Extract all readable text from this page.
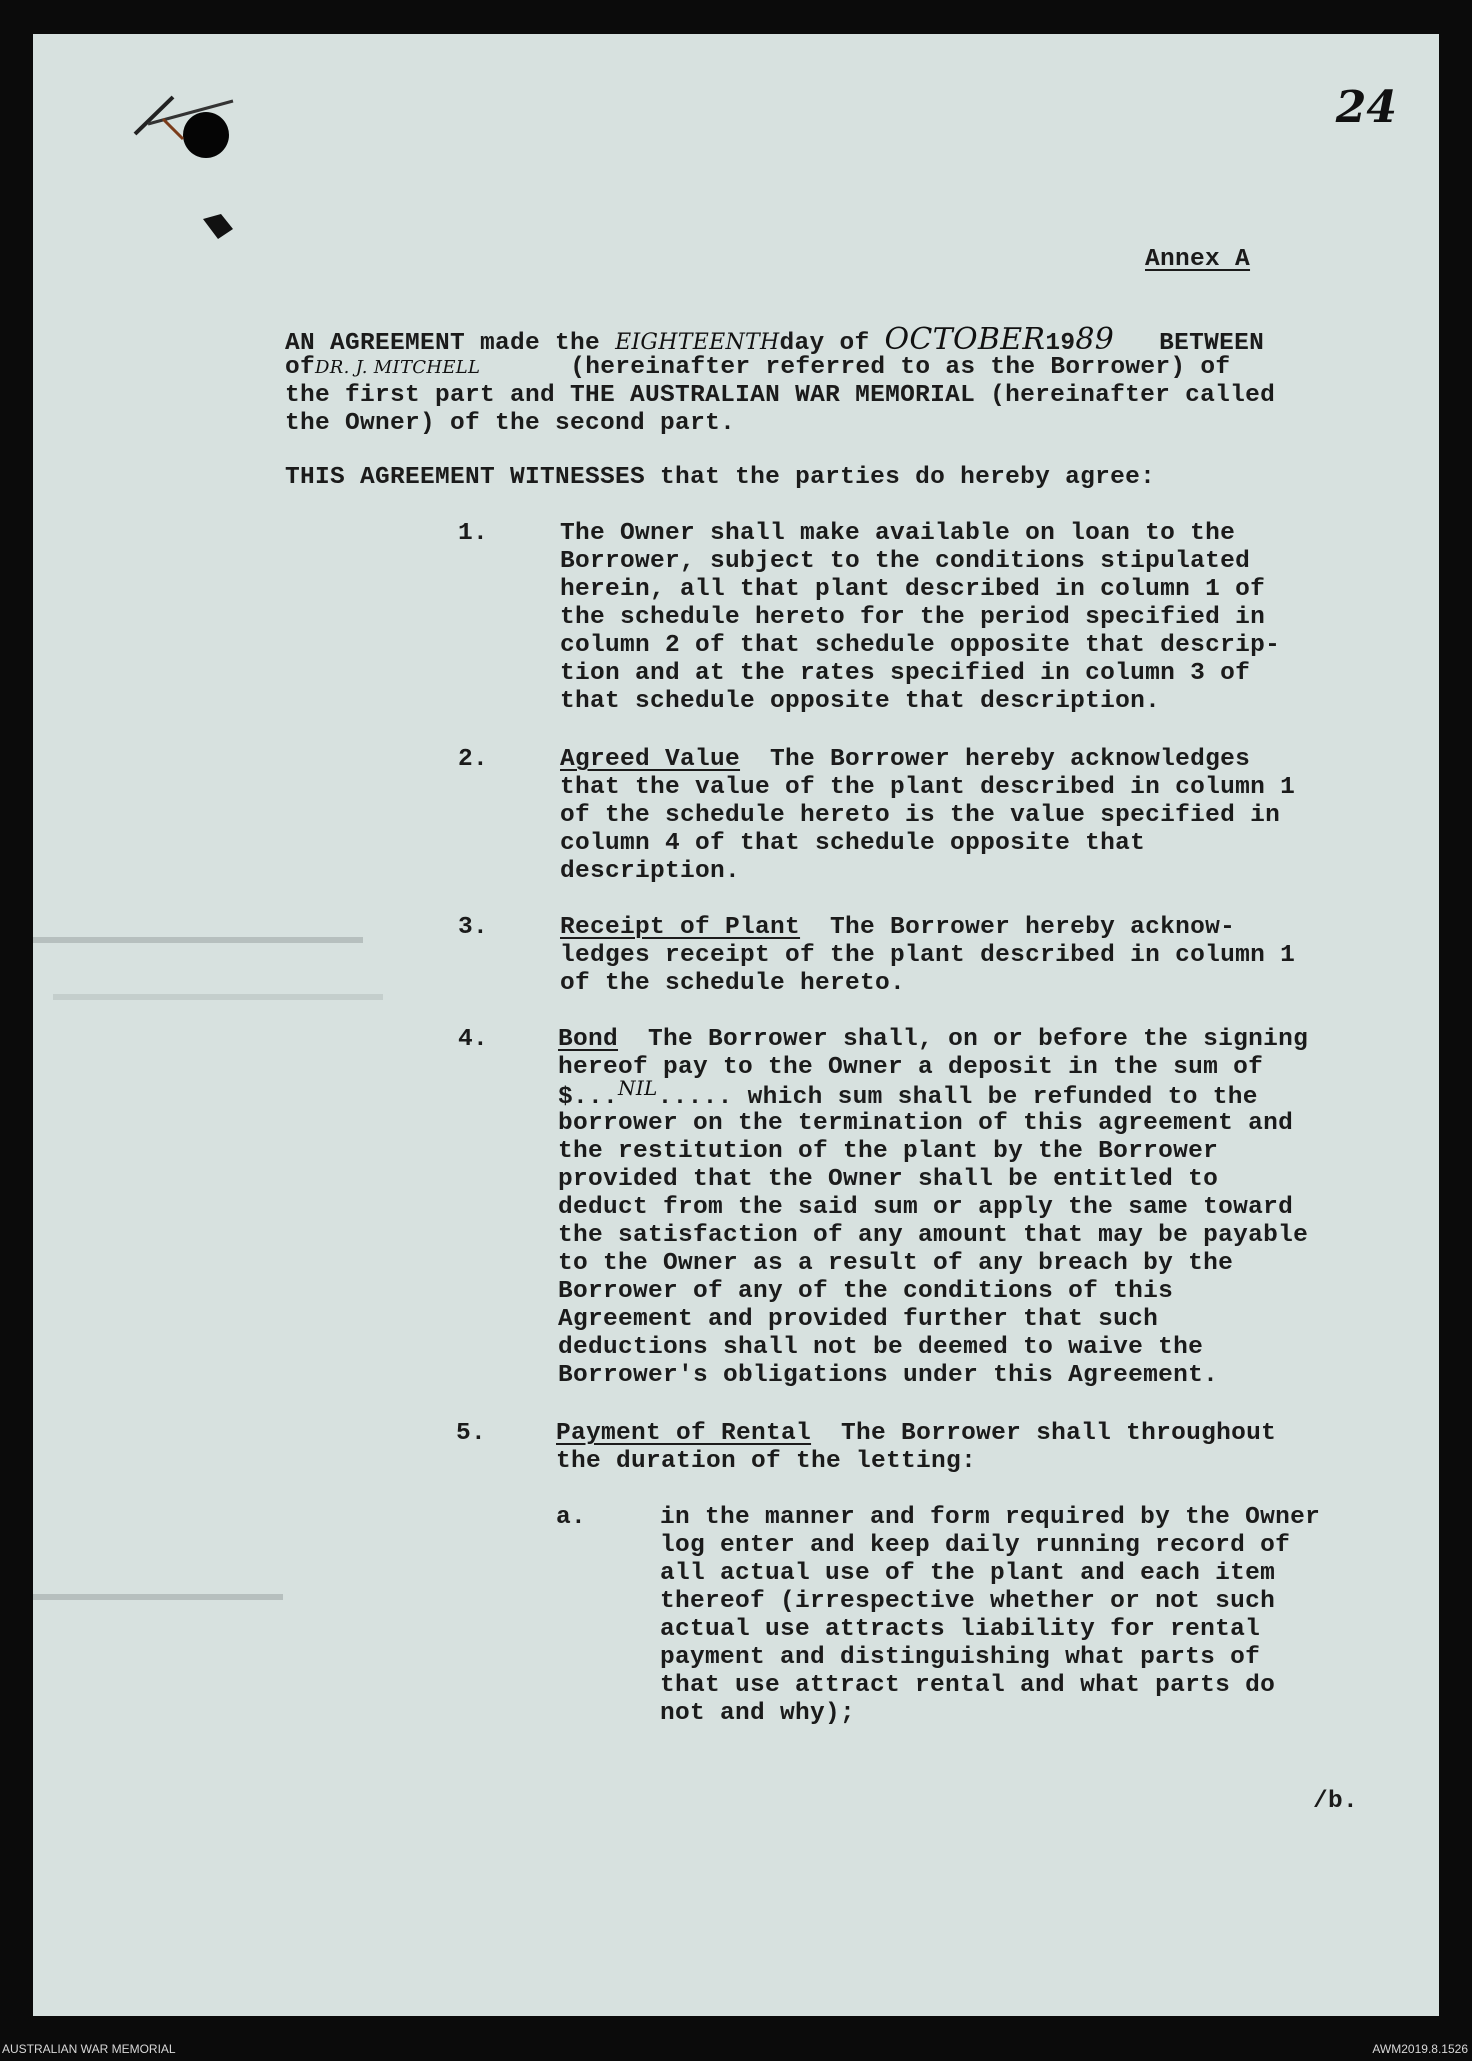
24
Annex A
AN AGREEMENT made the EIGHTEENTHday of OCTOBER1989 BETWEEN
ofDR. J. MITCHELL	(hereinafter referred to as the Borrower) of
the first part and THE AUSTRALIAN WAR MEMORIAL (hereinafter called
the Owner) of the second part.
THIS AGREEMENT WITNESSES that the parties do hereby agree:
1.	The Owner shall make available on loan to the
Borrower, subject to the conditions stipulated
herein, all that plant described in column 1 of
the schedule hereto for the period specified in
column 2 of that schedule opposite that descrip-
tion and at the rates specified in column 3 of
that schedule opposite that description.
2.	Agreed Value  The Borrower hereby acknowledges
that the value of the plant described in column 1
of the schedule hereto is the value specified in
column 4 of that schedule opposite that
description.
3.	Receipt of Plant  The Borrower hereby acknow-
ledges receipt of the plant described in column 1
of the schedule hereto.
4.	Bond  The Borrower shall, on or before the signing
hereof pay to the Owner a deposit in the sum of
$...$^{NIL}$..... which sum shall be refunded to the
borrower on the termination of this agreement and
the restitution of the plant by the Borrower
provided that the Owner shall be entitled to
deduct from the said sum or apply the same toward
the satisfaction of any amount that may be payable
to the Owner as a result of any breach by the
Borrower of any of the conditions of this
Agreement and provided further that such
deductions shall not be deemed to waive the
Borrower's obligations under this Agreement.
5.	Payment of Rental  The Borrower shall throughout
the duration of the letting:
a.	in the manner and form required by the Owner
log enter and keep daily running record of
all actual use of the plant and each item
thereof (irrespective whether or not such
actual use attracts liability for rental
payment and distinguishing what parts of
that use attract rental and what parts do
not and why);
/b.
AUSTRALIAN WAR MEMORIAL	AWM2019.8.1526
